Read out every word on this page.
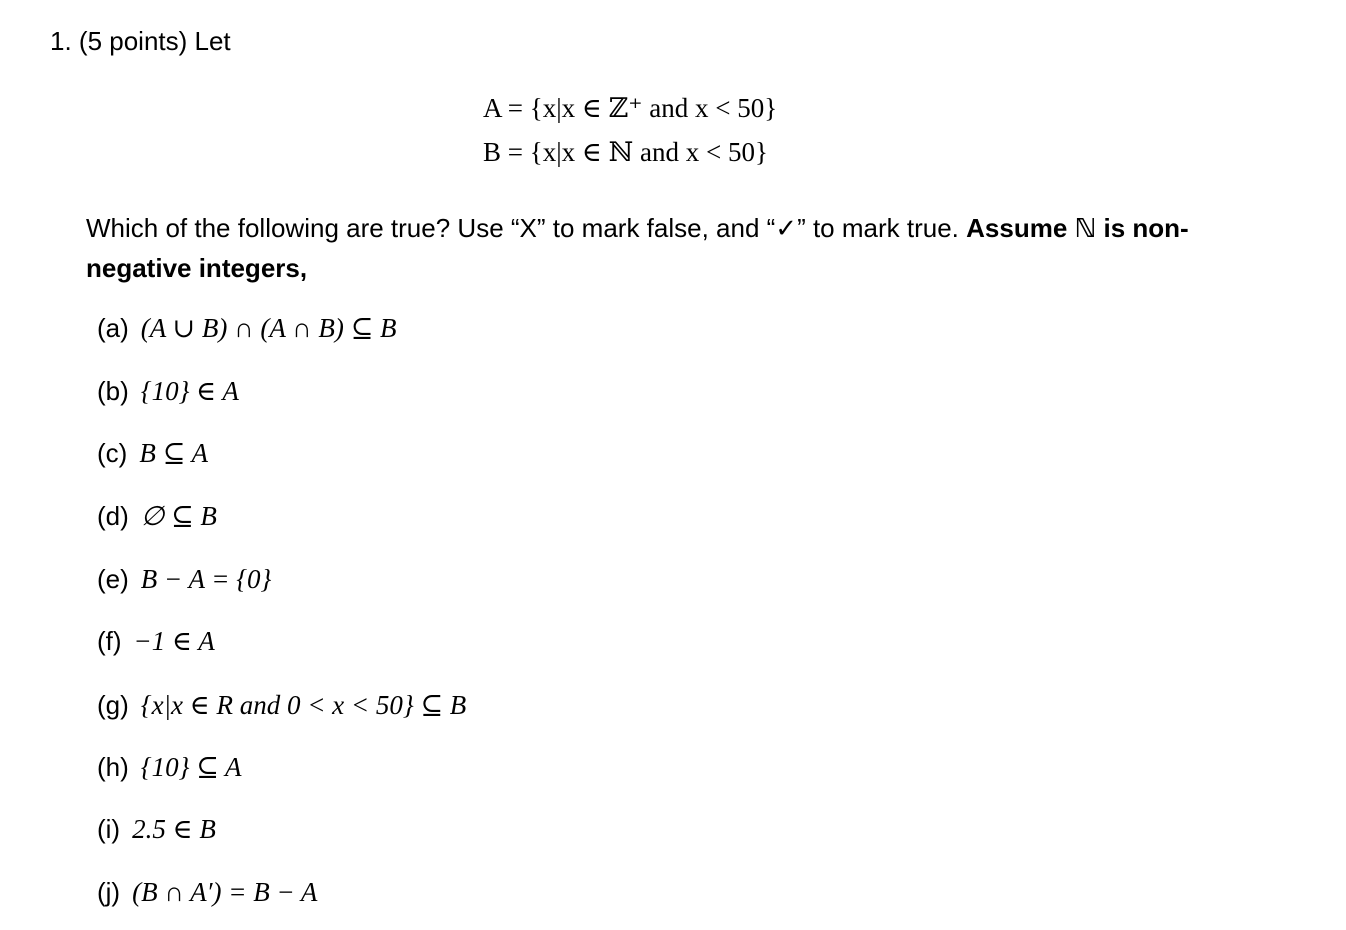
1. (5 points) Let
A = {x|x ∈ ℤ⁺ and x < 50}
B = {x|x ∈ ℕ and x < 50}
Which of the following are true? Use “X” to mark false, and “✓” to mark true. Assume ℕ is non-negative integers,
(a) (A ∪ B) ∩ (A ∩ B) ⊆ B
(b) {10} ∈ A
(c) B ⊆ A
(d) ∅ ⊆ B
(e) B − A = {0}
(f) −1 ∈ A
(g) {x|x ∈ R and 0 < x < 50} ⊆ B
(h) {10} ⊆ A
(i) 2.5 ∈ B
(j) (B ∩ A′) = B − A
